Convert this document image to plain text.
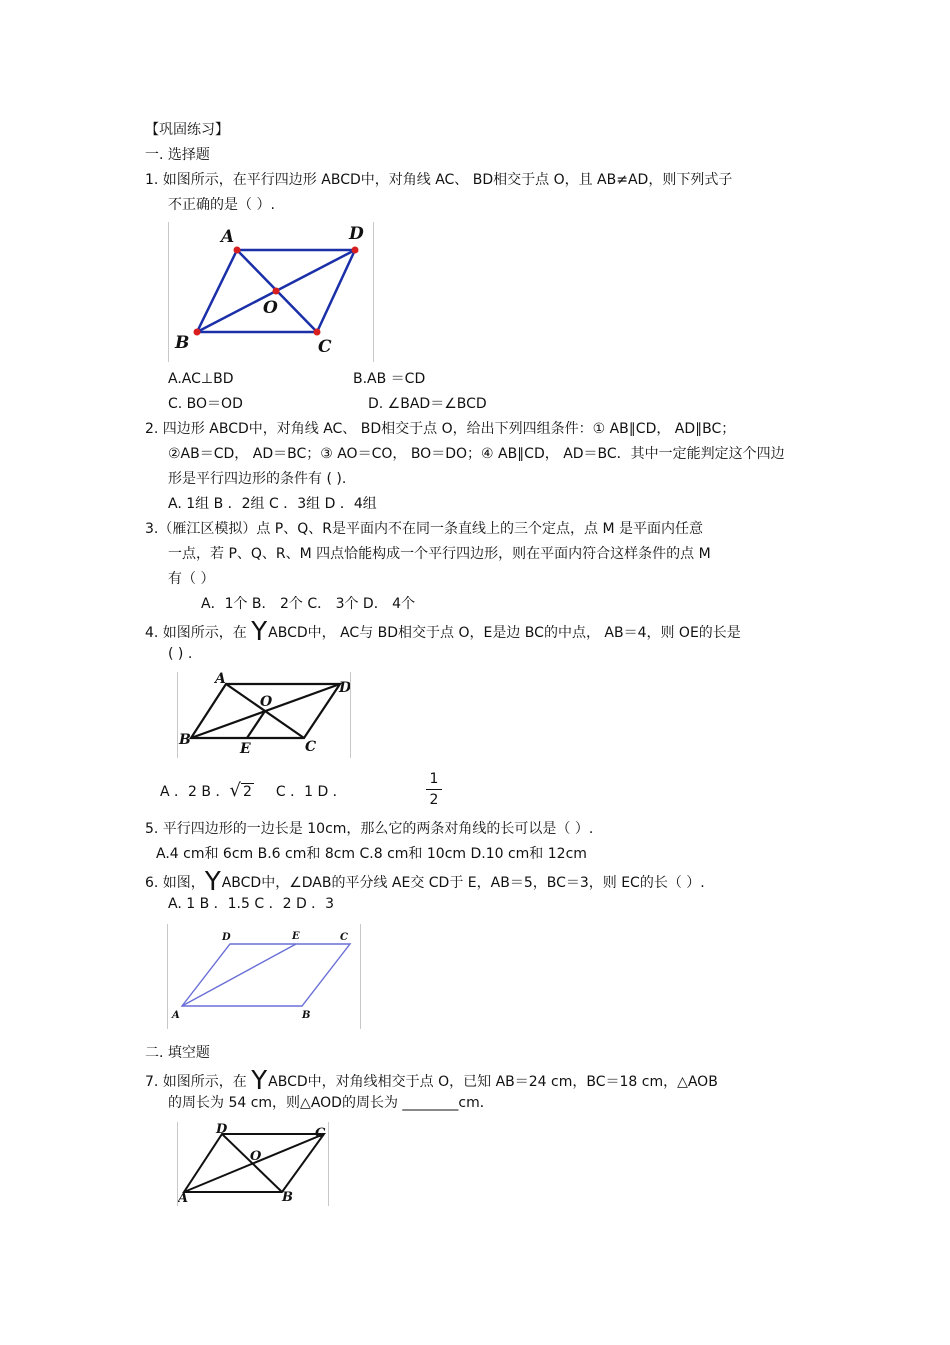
【巩固练习】
一. 选择题
1. 如图所示，在平行四边形 ABCD中，对角线 AC、 BD相交于点 O，且 AB≠AD，则下列式子
不正确的是（ ）.
A	D
O
B	C
A.AC⊥BD	B.AB ＝CD
C. BO＝OD	D. ∠BAD＝∠BCD
2. 四边形 ABCD中，对角线 AC、 BD相交于点 O，给出下列四组条件：① AB∥CD， AD∥BC；
②AB＝CD， AD＝BC；③ AO＝CO， BO＝DO；④ AB∥CD， AD＝BC．其中一定能判定这个四边
形是平行四边形的条件有 ( ).
A. 1组 B ．2组 C ．3组 D ．4组
3.（雁江区模拟）点 P、Q、R是平面内不在同一条直线上的三个定点，点 M 是平面内任意
一点，若 P、Q、R、M 四点恰能构成一个平行四边形，则在平面内符合这样条件的点 M
有（ ）
A．1个 B． 2个 C． 3个 D． 4个
4. 如图所示，在 YABCD中， AC与 BD相交于点 O，E是边 BC的中点， AB＝4，则 OE的长是
( ) .
A
D
O
B
E	C
A ．2 B ．√ 2 C ．1 D ．
1
2
5. 平行四边形的一边长是 10cm，那么它的两条对角线的长可以是（ ）.
A.4 cm和 6cm B.6 cm和 8cm C.8 cm和 10cm D.10 cm和 12cm
6. 如图，YABCD中，∠DAB的平分线 AE交 CD于 E，AB＝5，BC＝3，则 EC的长（ ）.
A. 1 B ．1.5 C ．2 D ．3
D	E	C
A	B
二. 填空题
7. 如图所示，在 YABCD中，对角线相交于点 O，已知 AB＝24 cm，BC＝18 cm，△AOB
的周长为 54 cm，则△AOD的周长为 ________cm．
D	C
O
A	B
